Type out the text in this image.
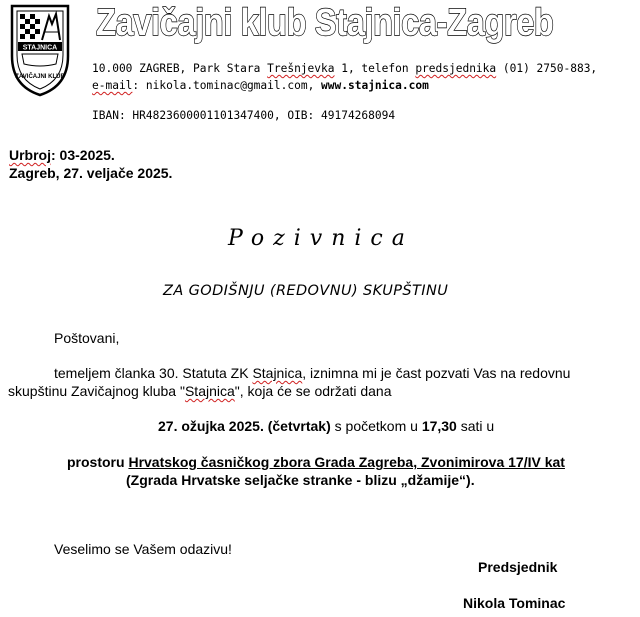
STAJNICA
ZAVIČAJNI KLUB
Zavičajni klub Stajnica-Zagreb
10.000 ZAGREB, Park Stara Trešnjevka 1, telefon predsjednika (01) 2750-883,
e-mail: nikola.tominac@gmail.com, www.stajnica.com
IBAN: HR4823600001101347400, OIB: 49174268094
Urbroj: 03-2025.
Zagreb, 27. veljače 2025.
Pozivnica
ZA GODIŠNJU (REDOVNU) SKUPŠTINU
Poštovani,
temeljem članka 30. Statuta ZK Stajnica, iznimna mi je čast pozvati Vas na redovnu
skupštinu Zavičajnog kluba "Stajnica", koja će se održati dana
27. ožujka 2025. (četvrtak) s početkom u 17,30 sati u
prostoru Hrvatskog časničkog zbora Grada Zagreba, Zvonimirova 17/IV kat
(Zgrada Hrvatske seljačke stranke - blizu „džamije“).
Veselimo se Vašem odazivu!
Predsjednik
Nikola Tominac
